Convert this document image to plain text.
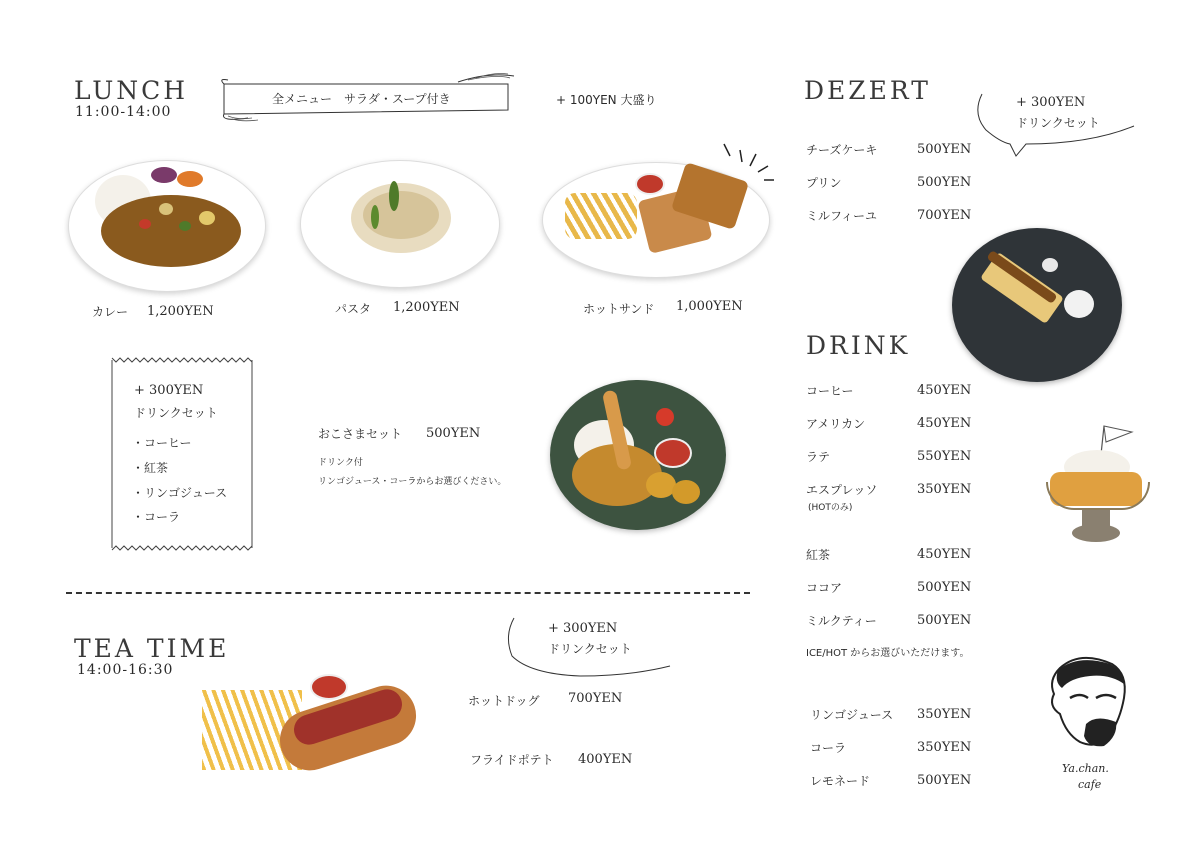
LUNCH
11:00-14:00
全メニュー　サラダ・スープ付き	+ 100YEN 大盛り
カレー 1,200YEN	パスタ 1,200YEN	ホットサンド 1,000YEN
+ 300YEN
ドリンクセット
・コーヒー
・紅茶
・リンゴジュース
・コーラ
おこさまセット 500YEN
ドリンク付
リンゴジュース・コーラからお選びください。
TEA TIME
14:00-16:30
+ 300YEN
ドリンクセット
ホットドッグ 700YEN
フライドポテト 400YEN
DEZERT	+ 300YEN
ドリンクセット
チーズケーキ	500YEN
プリン	500YEN
ミルフィーユ	700YEN
DRINK
コーヒー	450YEN
アメリカン	450YEN
ラテ	550YEN
エスプレッソ	350YEN
(HOTのみ)
紅茶	450YEN
ココア	500YEN
ミルクティー	500YEN
ICE/HOT からお選びいただけます。
リンゴジュース 350YEN
コーラ	350YEN
レモネード	500YEN
Ya.chan.
cafe
